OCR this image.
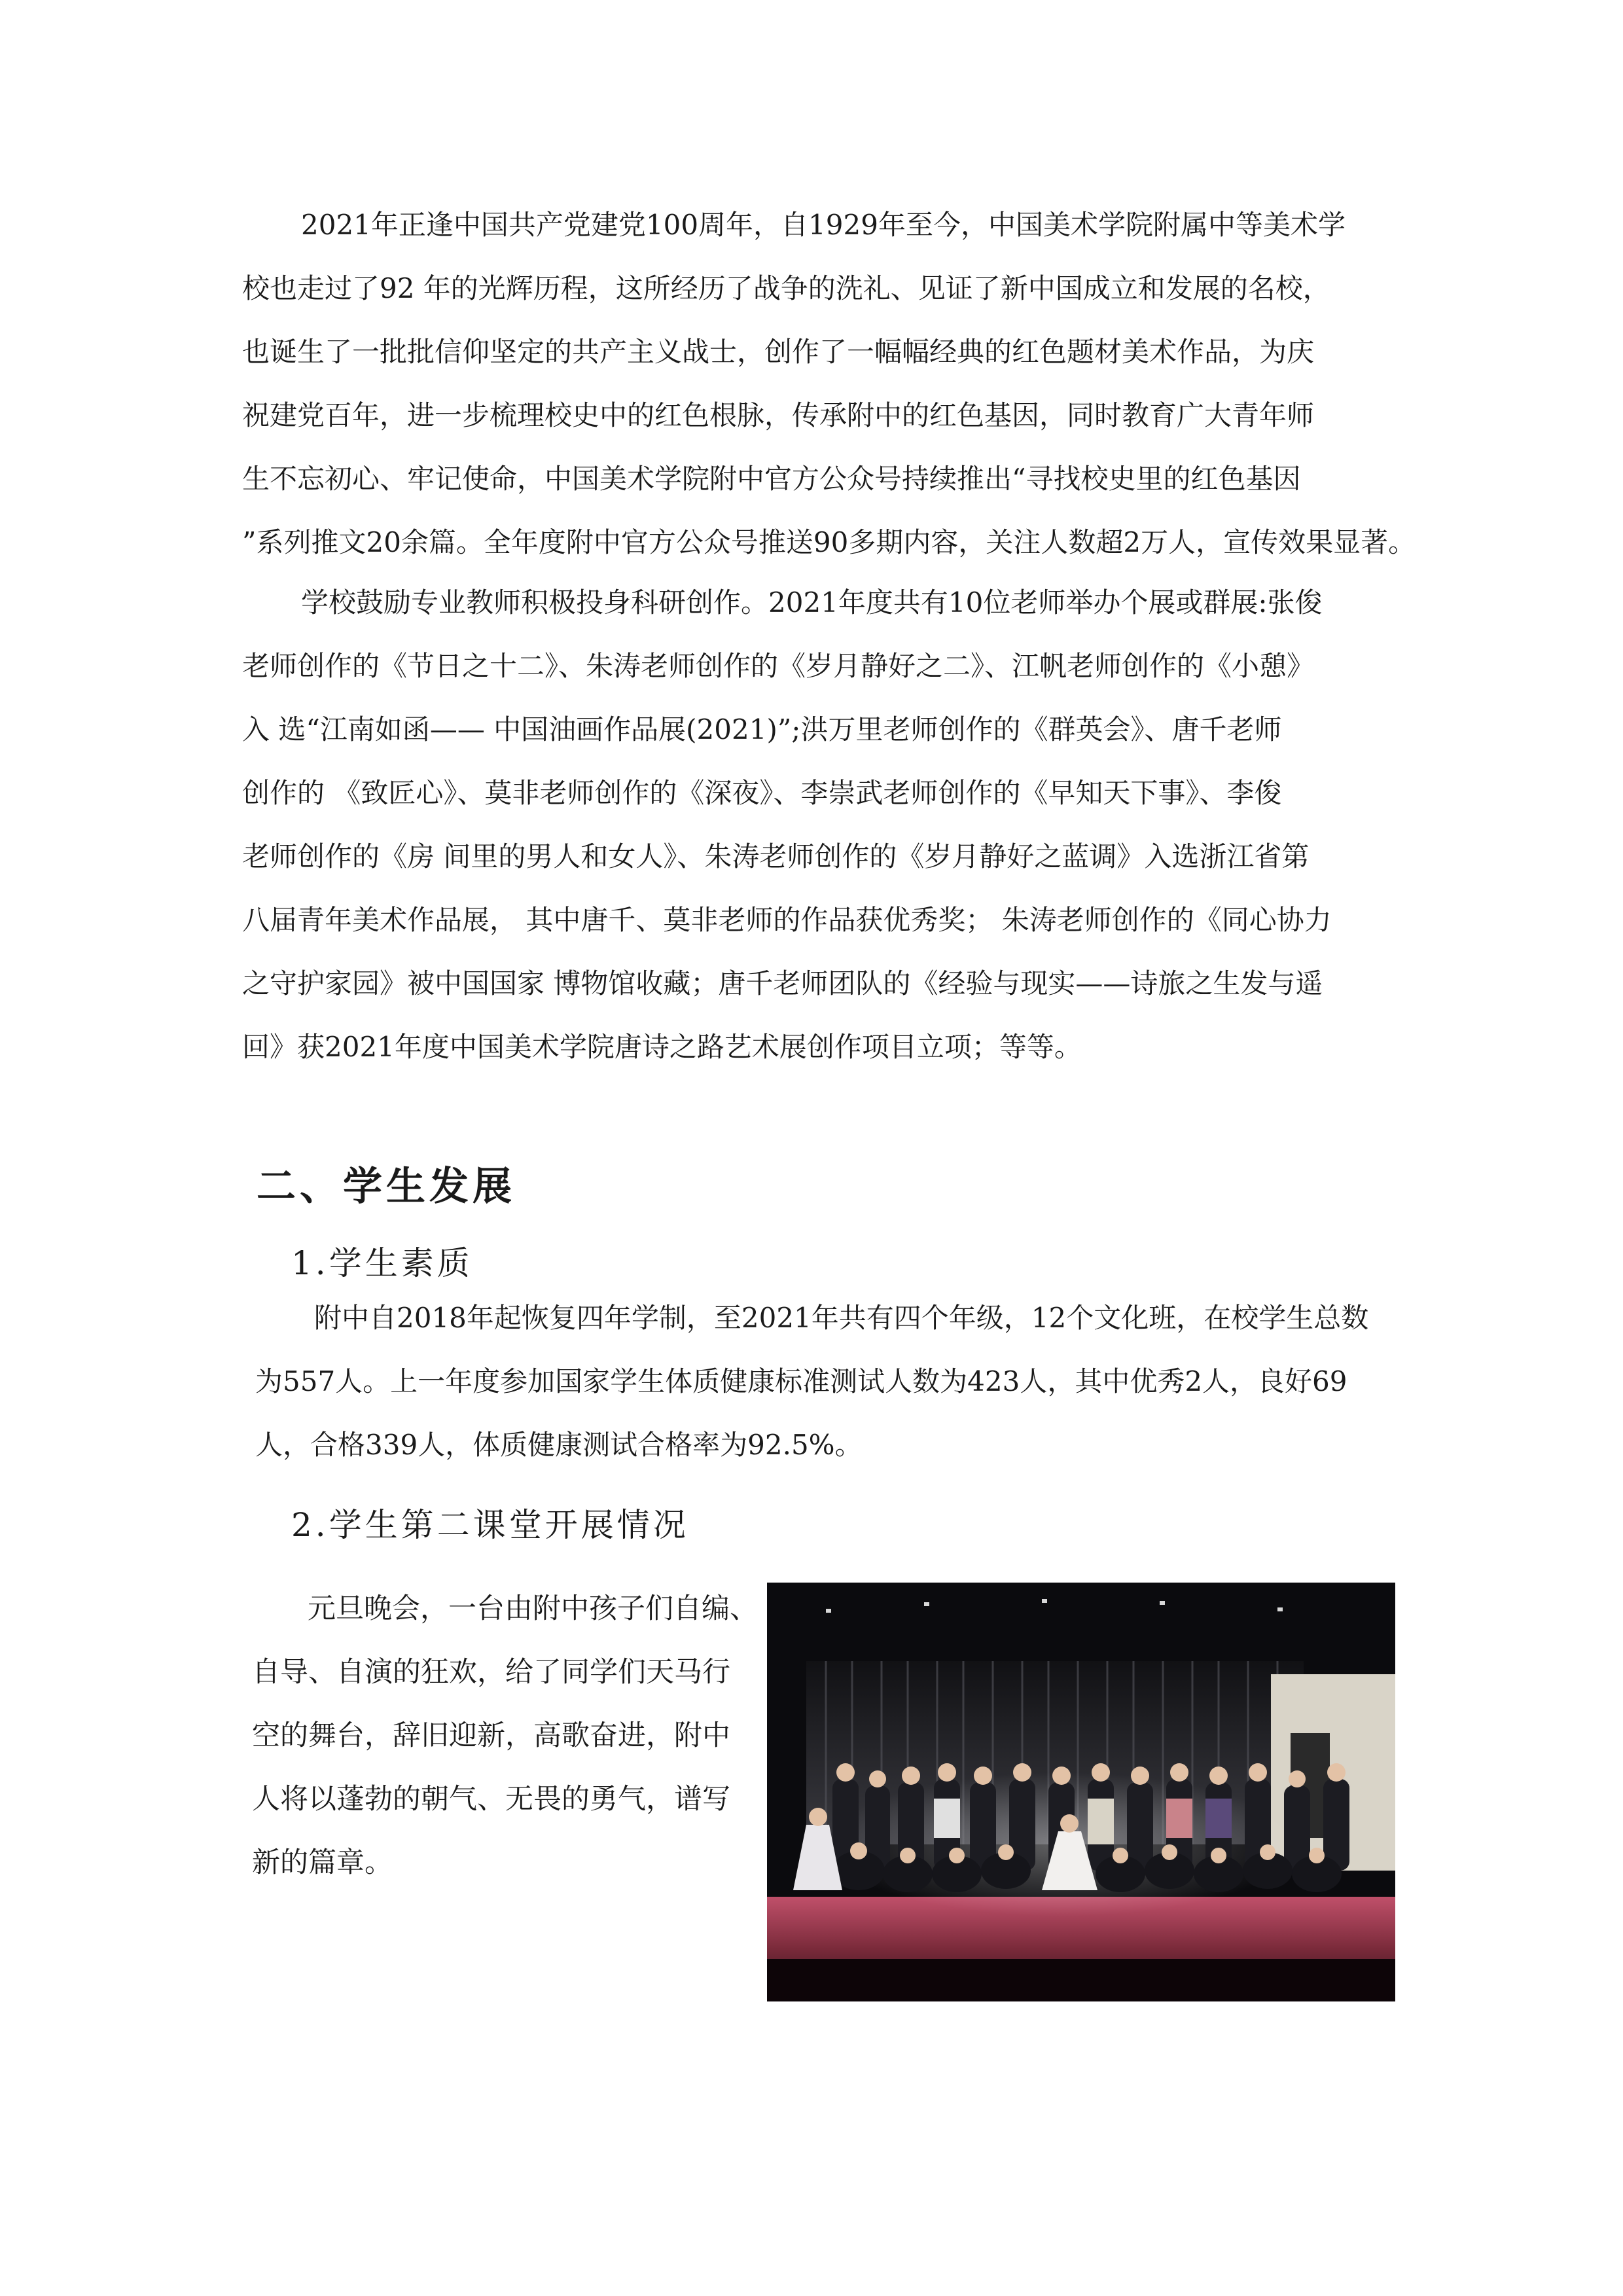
2021年正逢中国共产党建党100周年，自1929年至今，中国美术学院附属中等美术学
校也走过了92 年的光辉历程，这所经历了战争的洗礼、见证了新中国成立和发展的名校，
也诞生了一批批信仰坚定的共产主义战士，创作了一幅幅经典的红色题材美术作品，为庆
祝建党百年，进一步梳理校史中的红色根脉，传承附中的红色基因，同时教育广大青年师
生不忘初心、牢记使命，中国美术学院附中官方公众号持续推出“寻找校史里的红色基因
”系列推文20余篇。全年度附中官方公众号推送90多期内容，关注人数超2万人，宣传效果显著。
学校鼓励专业教师积极投身科研创作。2021年度共有10位老师举办个展或群展:张俊
老师创作的《节日之十二》、朱涛老师创作的《岁月静好之二》、江帆老师创作的《小憩》
入 选“江南如函—— 中国油画作品展(2021)”;洪万里老师创作的《群英会》、唐千老师
创作的 《致匠心》、莫非老师创作的《深夜》、李崇武老师创作的《早知天下事》、李俊
老师创作的《房 间里的男人和女人》、朱涛老师创作的《岁月静好之蓝调》入选浙江省第
八届青年美术作品展， 其中唐千、莫非老师的作品获优秀奖； 朱涛老师创作的《同心协力
之守护家园》被中国国家 博物馆收藏；唐千老师团队的《经验与现实——诗旅之生发与遥
回》获2021年度中国美术学院唐诗之路艺术展创作项目立项；等等。
二、学生发展
1.学生素质
附中自2018年起恢复四年学制，至2021年共有四个年级，12个文化班，在校学生总数
为557人。上一年度参加国家学生体质健康标准测试人数为423人，其中优秀2人，良好69
人，合格339人，体质健康测试合格率为92.5%。
2.学生第二课堂开展情况
元旦晚会，一台由附中孩子们自编、
自导、自演的狂欢，给了同学们天马行
空的舞台，辞旧迎新，高歌奋进，附中
人将以蓬勃的朝气、无畏的勇气，谱写
新的篇章。
